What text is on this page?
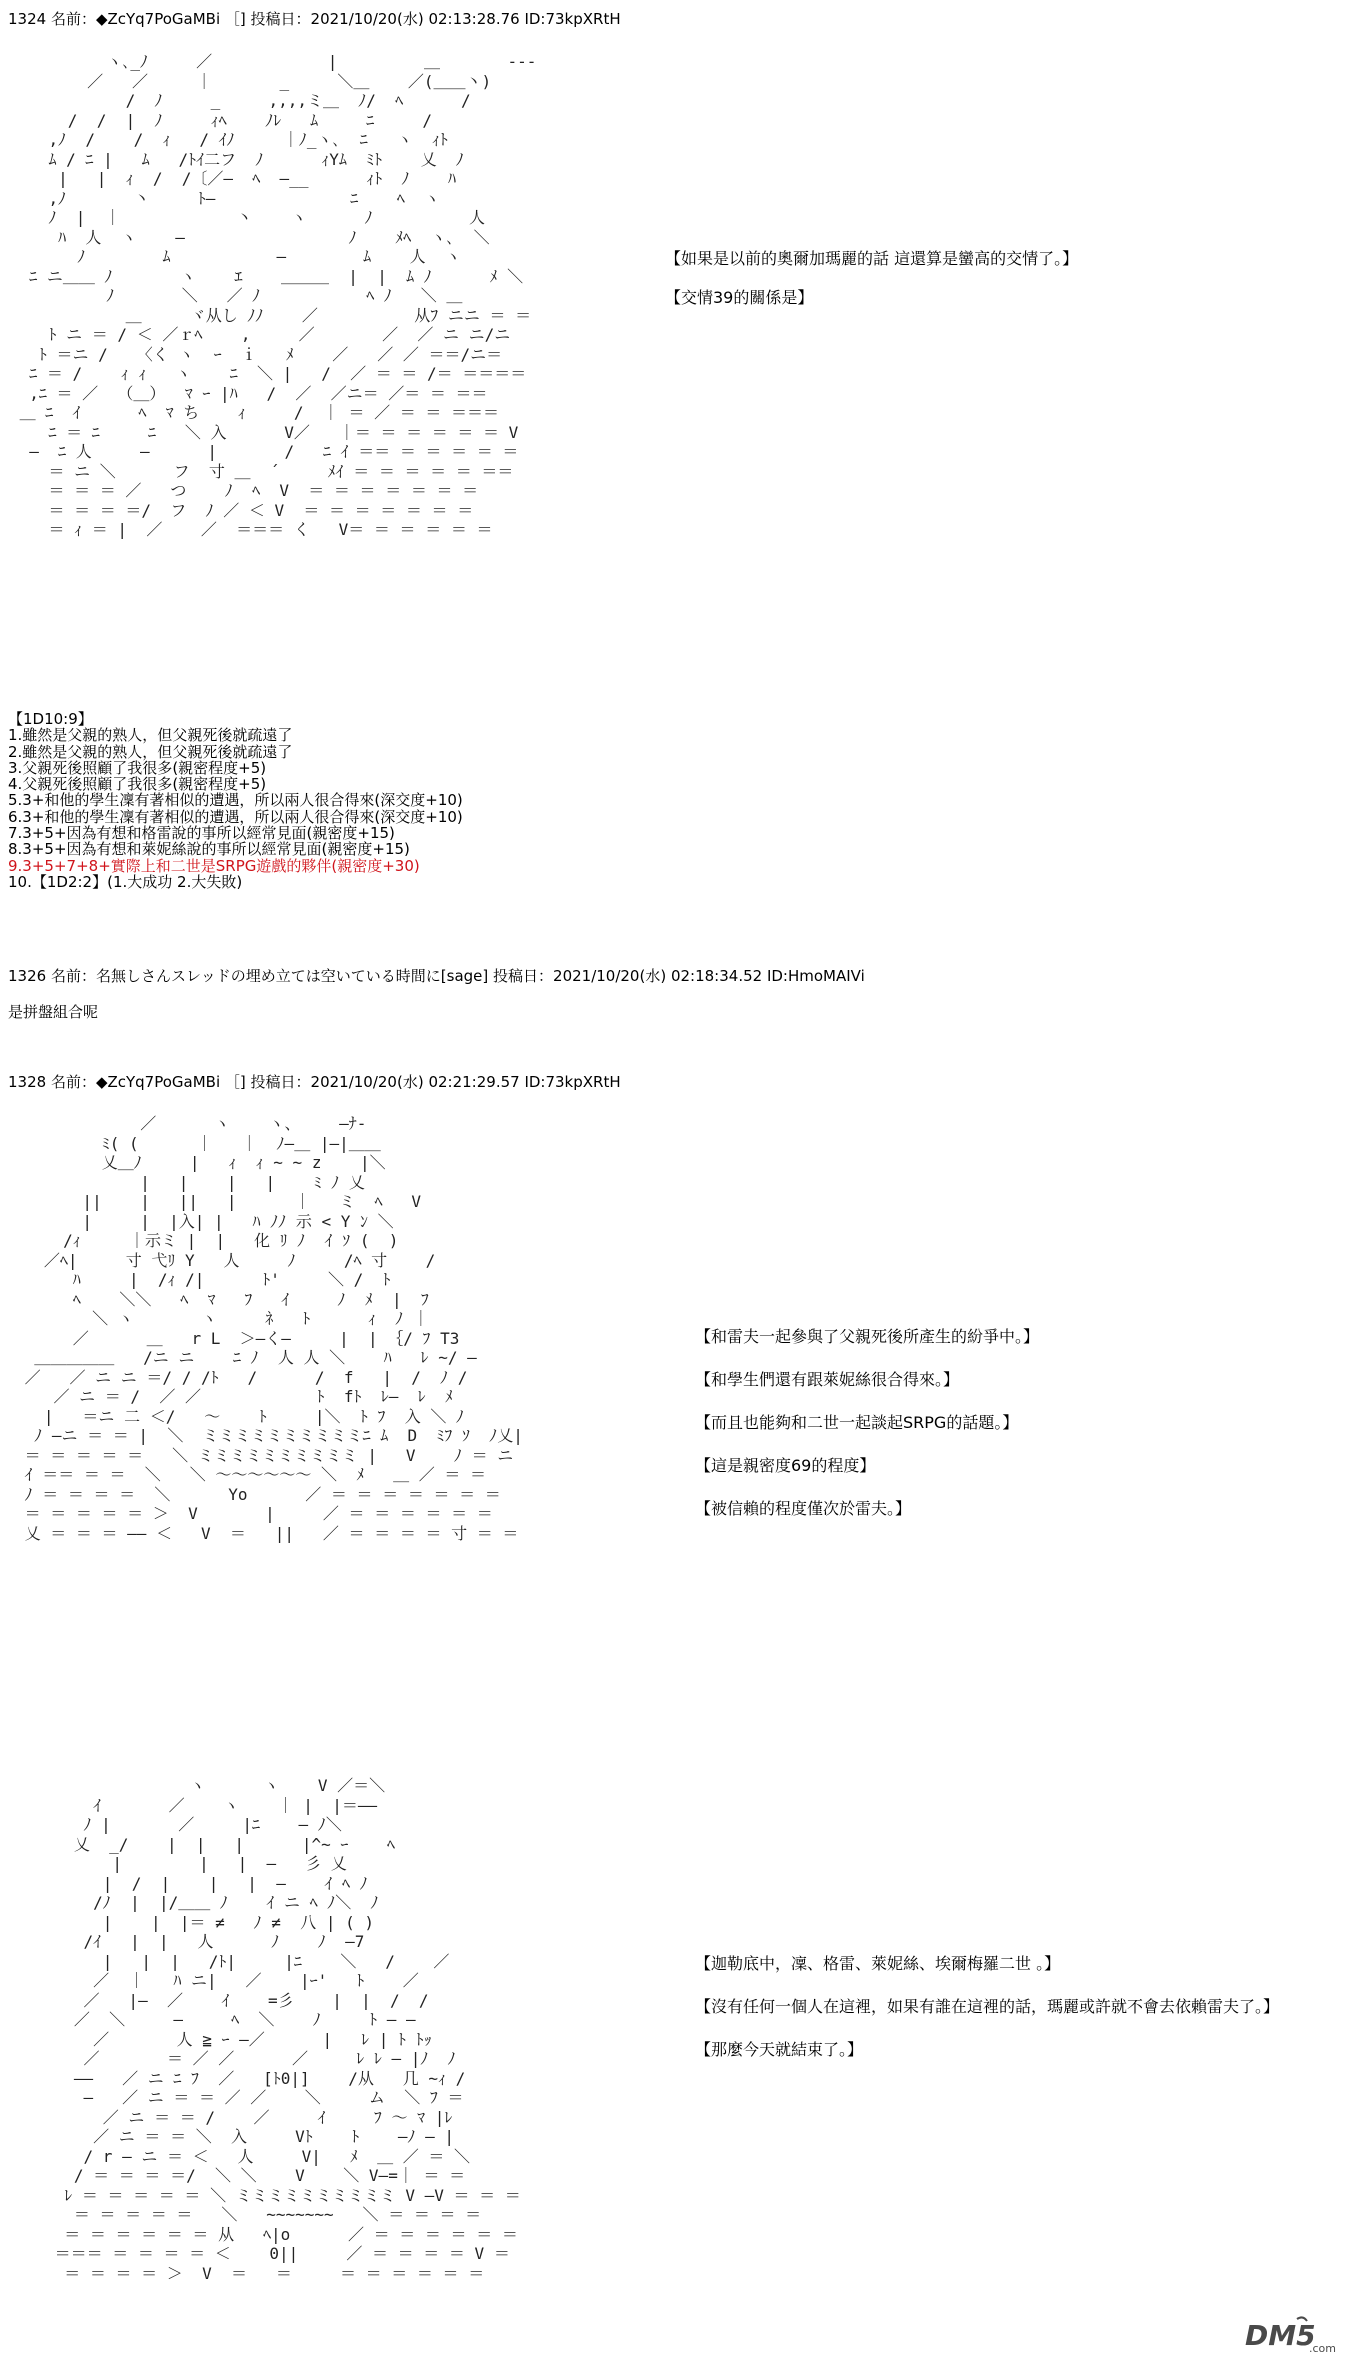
1324 名前：◆ZcYq7PoGaMBi ［] 投稿日：2021/10/20(水) 02:13:28.76 ID:73kpXRtH
ヽ､_ﾉ     ／            |         ＿       ‐‐‐
／   ／     ｜       _     ＼＿    ／(＿＿丶)
/  ﾉ     _     ,,,,ミ＿  ﾉ/  ﾍ      /
/  /  |  ﾉ     ｨﾍ    ﾉﾚ   ﾑ     ﾆ     /
,ﾉ  /    /  ｨ   / ｲﾉ     ｜ﾉ_ヽ､  ﾆ   ヽ  ｨﾄ
ﾑ / ﾆ |   ﾑ   /ﾄｲ二フ  ﾉ      ｨYﾑ  ﾐﾄ    乂  ﾉ
|   |  ｨ  /  /〔／―  ﾍ  ―__      ｨﾄ  ﾉ    ﾊ
,ﾉ       丶     ﾄ―              ﾆ    ﾍ  ヽ
ﾉ  |  ｜            丶    ヽ      ﾉ          人
ﾊ  人  ヽ    ―                 ﾉ    ﾒﾍ  ヽ､  ＼
ﾉ        ﾑ           ―        ﾑ    人  ヽ
ﾆ ニ＿＿ ﾉ       ヽ    ｴ    ＿＿＿  |  |  ﾑ ﾉ      ﾒ ＼
ﾉ       ＼   ／ ﾉ           ﾍ ﾉ   ＼ ＿
＿     ヾ从し ﾉﾉ    ／          从ﾌ ニニ ＝ ＝
ﾄ ニ ＝ / ＜ ／ｒﾍ    ,     ／       ／  ／ ニ ニ/ニ
ﾄ ＝ニ /   〈く ヽ  ｰ  ｉ   ﾒ    ／   ／ ／ ＝＝/ニ＝
ﾆ ＝ /    ｨ ｨ   ヽ    ﾆ  ＼ |   /  ／ ＝ ＝ /＝ ＝＝＝＝
,ﾆ ＝ ／  （＿）  ﾏ ｰ |ﾊ   /  ／  ／ニ＝ ／＝ ＝ ＝＝
＿ ﾆ  ｲ      ﾍ  ﾏ ち    ｨ     /  ｜ ＝ ／ ＝ ＝ ＝＝＝
ﾆ ＝ ﾆ     ﾆ   ＼ 入      V／   ｜＝ ＝ ＝ ＝ ＝ ＝ V
―  ﾆ 人     ―      |       /   ﾆ ｲ ＝＝ ＝ ＝ ＝ ＝ ＝
＝ ニ ＼      フ  寸 ＿  ´     ﾒｲ ＝ ＝ ＝ ＝ ＝ ＝＝
＝ ＝ ＝ ／   つ    ﾉ  ﾍ  V  ＝ ＝ ＝ ＝ ＝ ＝ ＝
＝ ＝ ＝ ＝/  フ  ﾉ ／ ＜ V  ＝ ＝ ＝ ＝ ＝ ＝ ＝
＝ ｨ ＝ |  ／    ／  ＝＝＝ く   V＝ ＝ ＝ ＝ ＝ ＝
【如果是以前的奧爾加瑪麗的話 這還算是蠻高的交情了。】
【交情39的關係是】
【1D10:9】
1.雖然是父親的熟人，但父親死後就疏遠了
2.雖然是父親的熟人，但父親死後就疏遠了
3.父親死後照顧了我很多(親密程度+5)
4.父親死後照顧了我很多(親密程度+5)
5.3+和他的學生凜有著相似的遭遇，所以兩人很合得來(深交度+10)
6.3+和他的學生凜有著相似的遭遇，所以兩人很合得來(深交度+10)
7.3+5+因為有想和格雷說的事所以經常見面(親密度+15)
8.3+5+因為有想和萊妮絲說的事所以經常見面(親密度+15)
9.3+5+7+8+實際上和二世是SRPG遊戲的夥伴(親密度+30)
10.【1D2:2】(1.大成功 2.大失敗)
1326 名前：名無しさんスレッドの埋め立ては空いている時間に[sage] 投稿日：2021/10/20(水) 02:18:34.52 ID:HmoMAIVi
是拼盤組合呢
1328 名前：◆ZcYq7PoGaMBi ［] 投稿日：2021/10/20(水) 02:21:29.57 ID:73kpXRtH
／      ヽ    ヽ、    ―ﾅ-
ﾐ( (      ｜   ｜  ﾉ―＿ |―|＿＿
乂＿ﾉ     |   ｨ  ｨ ~ ~ z    |＼
|   |    |   |    ﾐ ﾉ 乂
||    |   ||   |      ｜   ミ  ﾍ   V
|     |  |入| |   ﾊ ﾉﾉ 示 < Y ﾝ ＼
/ｨ     ｜示ミ |  |   化 ﾘ ﾉ  ｲ ｿ (  )
／ﾍ|     寸 弋ﾘ Y   人     ﾉ     /ﾍ 寸    /
ﾊ     |  /ｨ /|      ﾄ'     ＼ /  ﾄ
ﾍ    ＼＼   ﾍ  ﾏ   ﾌ   ｲ     ﾉ  ﾒ  |  ﾌ
＼ ヽ       ヽ     ﾈ   ﾄ      ｨ  ﾉ ｜
／      ＿   r L  ＞―く―     |  | ｛/ ﾌ T3
＿＿＿＿＿   /ニ ニ    ﾆ ﾉ  人 人 ＼    ﾊ   ﾚ ~/ ―
／   ／ ニ ニ ＝/ / /ﾄ   /      /  f   |  /  ﾉ /
／ ニ ＝ /  ／ ／            ﾄ  fﾄ  ﾚ―  ﾚ  ﾒ
|   ＝ニ 二 ＜/   ～    ﾄ     |＼  ﾄ ﾌ  入 ＼ ﾉ
ﾉ ―ニ ＝ ＝ |  ＼  ミミミミミミミミミミﾆ ﾑ  D  ﾐﾌ ｿ  ﾉ乂|
＝ ＝ ＝ ＝ ＝   ＼ ミミミミミミミミミミ |   V    ﾉ ＝ ニ
ｲ ＝＝ ＝ ＝  ＼   ＼ ～～～～～～ ＼  ﾒ   ＿ ／ ＝ ＝
ﾉ ＝ ＝ ＝ ＝  ＼      Yo      ／ ＝ ＝ ＝ ＝ ＝ ＝ ＝
＝ ＝ ＝ ＝ ＝ ＞  V       |     ／ ＝ ＝ ＝ ＝ ＝ ＝
乂 ＝ ＝ ＝ ―― ＜   V  ＝   ||   ／ ＝ ＝ ＝ ＝ 寸 ＝ ＝
【和雷夫一起參與了父親死後所產生的紛爭中。】
【和學生們還有跟萊妮絲很合得來。】
【而且也能夠和二世一起談起SRPG的話題。】
【這是親密度69的程度】
【被信賴的程度僅次於雷夫。】
ヽ      ヽ    V ／＝＼
ｲ       ／    ヽ    ｜ |  |＝――
ﾉ |       ／     |ﾆ    ― ﾉ＼
乂  _/    |  |   |      |^~ ｰ    ﾍ
|        |   |  ―   彡 乂
|  /  |    |   |  ―    ｲ ﾍ ﾉ
/ﾉ  |  |/＿＿ ﾉ    ｲ ニ ﾍ ﾉ＼  ﾉ
|    |  |＝ ≠   ﾉ ≠  八 | ( )
/ｲ   |  |   人      ﾉ    ﾉ  ―7
|   |  |   /ﾄ|     |ﾆ    ＼   /    ／
／  ｜   ﾊ ニ|   ／    |ｰ'   ﾄ    ／
／   |―  ／    ｲ    =彡    |  |  /  /
／  ＼     ―     ﾍ  ＼    ﾉ     ﾄ ― ―
／       人 ≧ ｰ ―／      |   ﾚ | ﾄ ﾄｯ
／       ＝ ／ ／      ／     ﾚ ﾚ ― |ﾉ  ﾉ
――   ／ ニ ﾆ ﾌ  ／   [ﾄ0|]    /从   几 ~ｨ /
―   ／ ニ ＝ ＝ ／ ／    ＼     ム  ＼ ﾌ ＝
／ ニ ＝ ＝ /    ／     ｲ     ﾌ ～ ﾏ |ﾚ
／ ニ ＝ ＝ ＼  入     Vﾄ    ﾄ    ―ﾉ ― |
/ r ― ニ ＝ ＜   人     V|   ﾒ  ＿ ／ ＝ ＼
/ ＝ ＝ ＝ ＝/  ＼ ＼    V    ＼ V―=｜ ＝ ＝
ﾚ ＝ ＝ ＝ ＝ ＝ ＼ ミミミミミミミミミミ V ―V ＝ ＝ ＝
＝ ＝ ＝ ＝ ＝   ＼   ~~~~~~~   ＼ ＝ ＝ ＝ ＝
＝ ＝ ＝ ＝ ＝ ＝ 从   ﾍ|o      ／ ＝ ＝ ＝ ＝ ＝ ＝
＝＝＝ ＝ ＝ ＝ ＝ ＜    0||     ／ ＝ ＝ ＝ ＝ V ＝
＝ ＝ ＝ ＝ ＞  V  ＝   ＝     ＝ ＝ ＝ ＝ ＝ ＝
【迦勒底中，凜、格雷、萊妮絲、埃爾梅羅二世 。】
【沒有任何一個人在這裡，如果有誰在這裡的話，瑪麗或許就不會去依賴雷夫了。】
【那麼今天就結束了。】
DM5
.com
